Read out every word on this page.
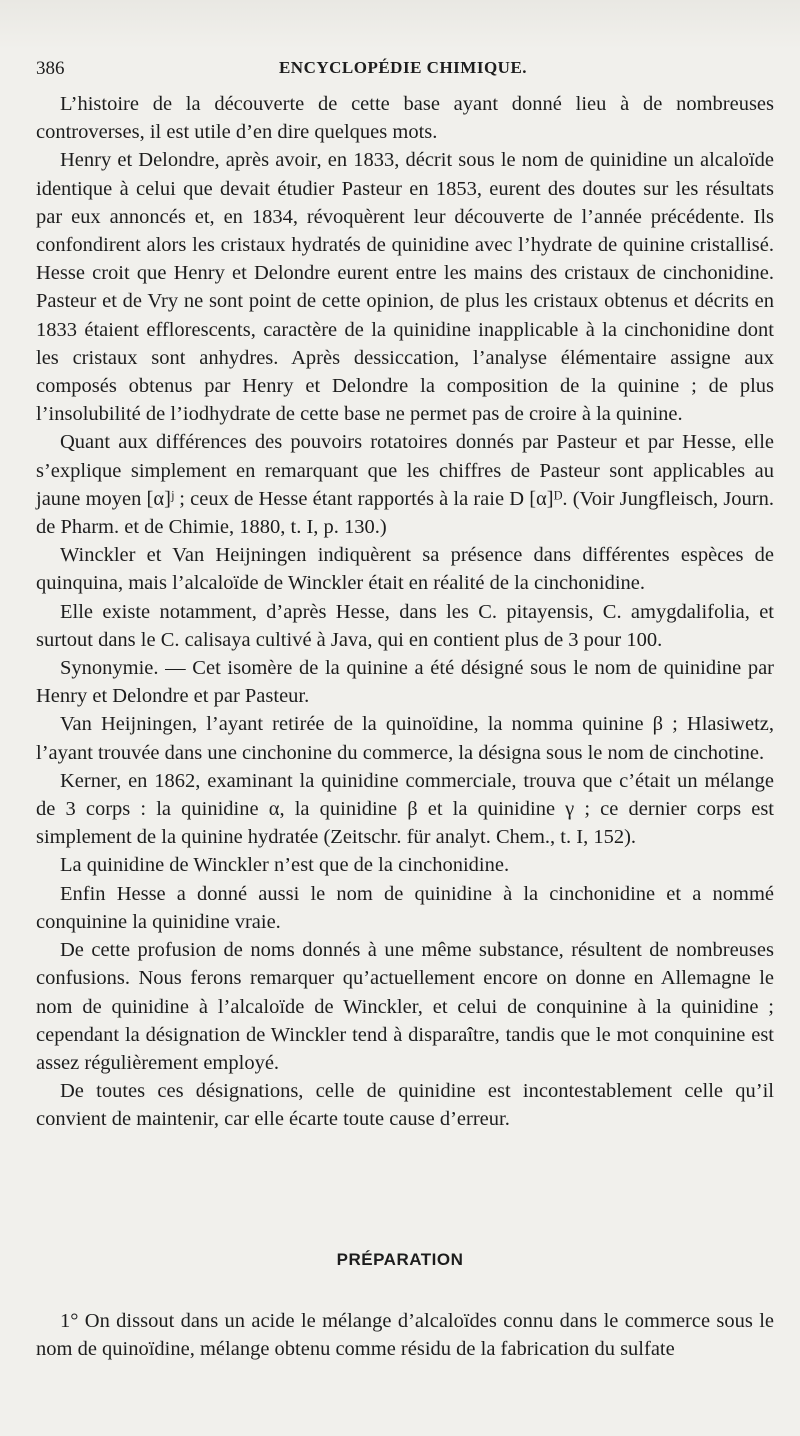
386	ENCYCLOPÉDIE CHIMIQUE.

L’histoire de la découverte de cette base ayant donné lieu à de nombreuses controverses, il est utile d’en dire quelques mots.

Henry et Delondre, après avoir, en 1833, décrit sous le nom de quinidine un alcaloïde identique à celui que devait étudier Pasteur en 1853, eurent des doutes sur les résultats par eux annoncés et, en 1834, révoquèrent leur découverte de l’année précédente. Ils confondirent alors les cristaux hydratés de quinidine avec l’hydrate de quinine cristallisé. Hesse croit que Henry et Delondre eurent entre les mains des cristaux de cinchonidine. Pasteur et de Vry ne sont point de cette opinion, de plus les cristaux obtenus et décrits en 1833 étaient efflorescents, caractère de la quinidine inapplicable à la cinchonidine dont les cristaux sont anhydres. Après dessiccation, l’analyse élémentaire assigne aux composés obtenus par Henry et Delondre la composition de la quinine ; de plus l’insolubilité de l’iodhydrate de cette base ne permet pas de croire à la quinine.

Quant aux différences des pouvoirs rotatoires donnés par Pasteur et par Hesse, elle s’explique simplement en remarquant que les chiffres de Pasteur sont applicables au jaune moyen [α]ʲ ; ceux de Hesse étant rapportés à la raie D [α]ᴰ. (Voir Jungfleisch, Journ. de Pharm. et de Chimie, 1880, t. I, p. 130.)

Winckler et Van Heijningen indiquèrent sa présence dans différentes espèces de quinquina, mais l’alcaloïde de Winckler était en réalité de la cinchonidine.

Elle existe notamment, d’après Hesse, dans les C. pitayensis, C. amygdalifolia, et surtout dans le C. calisaya cultivé à Java, qui en contient plus de 3 pour 100.

Synonymie. — Cet isomère de la quinine a été désigné sous le nom de quinidine par Henry et Delondre et par Pasteur.

Van Heijningen, l’ayant retirée de la quinoïdine, la nomma quinine β ; Hlasiwetz, l’ayant trouvée dans une cinchonine du commerce, la désigna sous le nom de cinchotine.

Kerner, en 1862, examinant la quinidine commerciale, trouva que c’était un mélange de 3 corps : la quinidine α, la quinidine β et la quinidine γ ; ce dernier corps est simplement de la quinine hydratée (Zeitschr. für analyt. Chem., t. I, 152).

La quinidine de Winckler n’est que de la cinchonidine.

Enfin Hesse a donné aussi le nom de quinidine à la cinchonidine et a nommé conquinine la quinidine vraie.

De cette profusion de noms donnés à une même substance, résultent de nombreuses confusions. Nous ferons remarquer qu’actuellement encore on donne en Allemagne le nom de quinidine à l’alcaloïde de Winckler, et celui de conquinine à la quinidine ; cependant la désignation de Winckler tend à disparaître, tandis que le mot conquinine est assez régulièrement employé.

De toutes ces désignations, celle de quinidine est incontestablement celle qu’il convient de maintenir, car elle écarte toute cause d’erreur.

PRÉPARATION

1° On dissout dans un acide le mélange d’alcaloïdes connu dans le commerce sous le nom de quinoïdine, mélange obtenu comme résidu de la fabrication du sulfate
